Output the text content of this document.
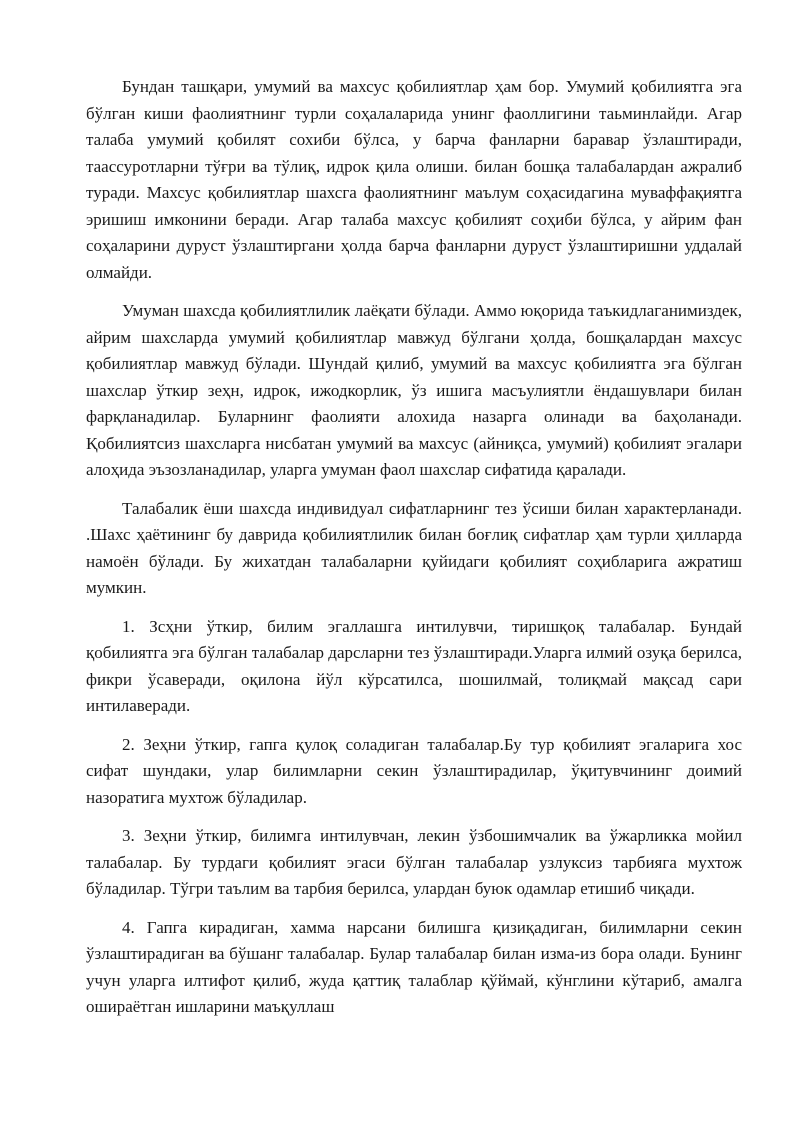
Бундан ташқари, умумий ва махсус қобилиятлар ҳам бор. Умумий қобилиятга эга бўлган киши фаолиятнинг турли соҳалаларида унинг фаоллигини таьминлайди. Агар талаба умумий қобилят сохиби бўлса, у барча фанларни баравар ўзлаштиради, таассуротларни тўғри ва тўлиқ, идрок қила олиши. билан бошқа талабалардан ажралиб туради. Махсус қобилиятлар шахсга фаолиятнинг маълум соҳасидагина муваффақиятга эришиш имконини беради. Агар талаба махсус қобилият соҳиби бўлса, у айрим фан соҳаларини дуруст ўзлаштиргани ҳолда барча фанларни дуруст ўзлаштиришни уддалай олмайди.

Умуман шахсда қобилиятлилик лаёқати бўлади. Аммо юқорида таъкидлаганимиздек, айрим шахсларда умумий қобилиятлар мавжуд бўлгани ҳолда, бошқалардан махсус қобилиятлар мавжуд бўлади. Шундай қилиб, умумий ва махсус қобилиятга эга бўлган шахслар ўткир зеҳн, идрок, ижодкорлик, ўз ишига масъулиятли ёндашувлари билан фарқланадилар. Буларнинг фаолияти алохида назарга олинади ва баҳоланади. Қобилиятсиз шахсларга нисбатан умумий ва махсус (айниқса, умумий) қобилият эгалари алоҳида эъзозланадилар, уларга умуман фаол шахслар сифатида қаралади.

Талабалик ёши шахсда индивидуал сифатларнинг тез ўсиши билан характерланади. .Шахс ҳаётининг бу даврида қобилиятлилик билан боғлиқ сифатлар ҳам турли ҳилларда намоён бўлади. Бу жихатдан талабаларни қуйидаги қобилият соҳибларига ажратиш мумкин.

1. Зсҳни ўткир, билим эгаллашга интилувчи, тиришқоқ талабалар. Бундай қобилиятга эга бўлган талабалар дарсларни тез ўзлаштиради.Уларга илмий озуқа берилса, фикри ўсаверади, оқилона йўл кўрсатилса, шошилмай, толиқмай мақсад сари интилаверади.

2. Зеҳни ўткир, гапга қулоқ соладиган талабалар.Бу тур қобилият эгаларига хос сифат шундаки, улар билимларни секин ўзлаштирадилар, ўқитувчининг доимий назоратига мухтож бўладилар.

3. Зеҳни ўткир, билимга интилувчан, лекин ўзбошимчалик ва ўжарликка мойил талабалар. Бу турдаги қобилият эгаси бўлган талабалар узлуксиз тарбияга мухтож бўладилар. Тўгри таълим ва тарбия берилса, улардан буюк одамлар етишиб чиқади.

4. Гапга кирадиган, хамма нарсани билишга қизиқадиган, билимларни секин ўзлаштирадиган ва бўшанг талабалар. Булар талабалар билан изма-из бора олади. Бунинг учун уларга илтифот қилиб, жуда қаттиқ талаблар қўймай, кўнглини кўтариб, амалга ошираётган ишларини маъқуллаш
